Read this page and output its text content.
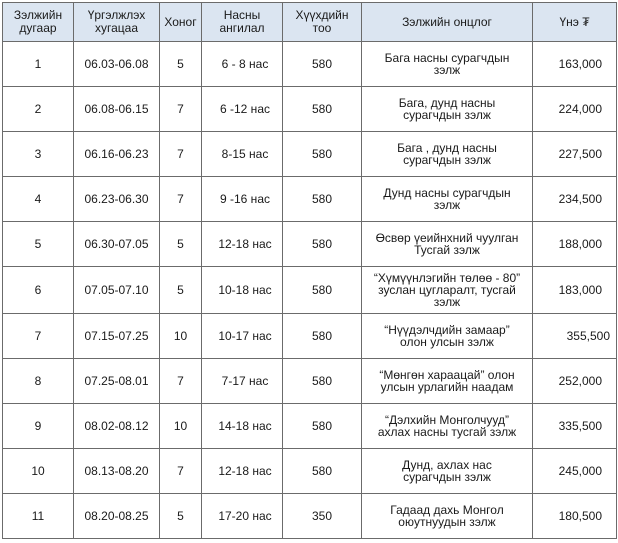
Зэлжийн дугаар	Үргэлжлэх хугацаа	Хоног	Насны ангилал	Хүүхдийн тоо	Зэлжийн онцлог	Үнэ ₮
1	06.03-06.08	5	6 - 8 нас	580	Бага насны сурагчдын
зэлж	163,000
2	06.08-06.15	7	6 -12 нас	580	Бага, дунд насны
сурагчдын зэлж	224,000
3	06.16-06.23	7	8-15 нас	580	Бага , дунд насны
сурагчдын зэлж	227,500
4	06.23-06.30	7	9 -16 нас	580	Дунд насны сурагчдын
зэлж	234,500
5	06.30-07.05	5	12-18 нас	580	Өсвөр үеийнхний чуулган
Тусгай зэлж	188,000
6	07.05-07.10	5	10-18 нас	580	“Хүмүүнлэгийн төлөө - 80”
зуслан цугларалт, тусгай
зэлж	183,000
7	07.15-07.25	10	10-17 нас	580	“Нүүдэлчдийн замаар”
олон улсын зэлж	355,500
8	07.25-08.01	7	7-17 нас	580	“Мөнгөн хараацай” олон
улсын урлагийн наадам	252,000
9	08.02-08.12	10	14-18 нас	580	“Дэлхийн Монголчууд”
ахлах насны тусгай зэлж	335,500
10	08.13-08.20	7	12-18 нас	580	Дунд, ахлах нас
сурагчдын зэлж	245,000
11	08.20-08.25	5	17-20 нас	350	Гадаад дахь Монгол
оюутнуудын зэлж	180,500
